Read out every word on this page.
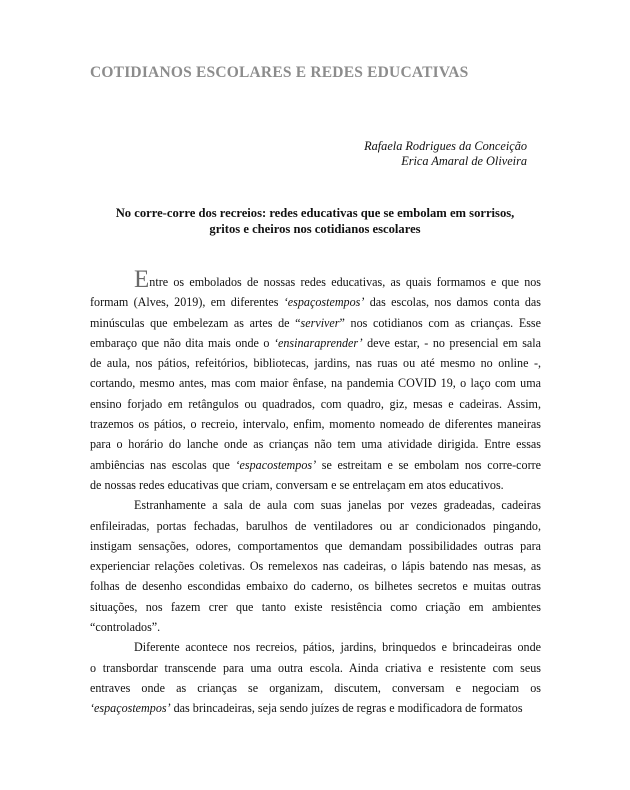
COTIDIANOS ESCOLARES E REDES EDUCATIVAS
Rafaela Rodrigues da Conceição
Erica Amaral de Oliveira
No corre-corre dos recreios: redes educativas que se embolam em sorrisos,
gritos e cheiros nos cotidianos escolares

Entre os embolados de nossas redes educativas, as quais formamos e que nos
formam (Alves, 2019), em diferentes ‘espaçostempos’ das escolas, nos damos conta das
minúsculas que embelezam as artes de “serviver” nos cotidianos com as crianças. Esse
embaraço que não dita mais onde o ‘ensinaraprender’ deve estar, - no presencial em sala
de aula, nos pátios, refeitórios, bibliotecas, jardins, nas ruas ou até mesmo no online -,
cortando, mesmo antes, mas com maior ênfase, na pandemia COVID 19, o laço com uma
ensino forjado em retângulos ou quadrados, com quadro, giz, mesas e cadeiras. Assim,
trazemos os pátios, o recreio, intervalo, enfim, momento nomeado de diferentes maneiras
para o horário do lanche onde as crianças não tem uma atividade dirigida. Entre essas
ambiências nas escolas que ‘espacostempos’ se estreitam e se embolam nos corre-corre
de nossas redes educativas que criam, conversam e se entrelaçam em atos educativos.

Estranhamente a sala de aula com suas janelas por vezes gradeadas, cadeiras
enfileiradas, portas fechadas, barulhos de ventiladores ou ar condicionados pingando,
instigam sensações, odores, comportamentos que demandam possibilidades outras para
experienciar relações coletivas. Os remelexos nas cadeiras, o lápis batendo nas mesas, as
folhas de desenho escondidas embaixo do caderno, os bilhetes secretos e muitas outras
situações, nos fazem crer que tanto existe resistência como criação em ambientes
“controlados”.

Diferente acontece nos recreios, pátios, jardins, brinquedos e brincadeiras onde
o transbordar transcende para uma outra escola. Ainda criativa e resistente com seus
entraves onde as crianças se organizam, discutem, conversam e negociam os
‘espaçostempos’ das brincadeiras, seja sendo juízes de regras e modificadora de formatos
